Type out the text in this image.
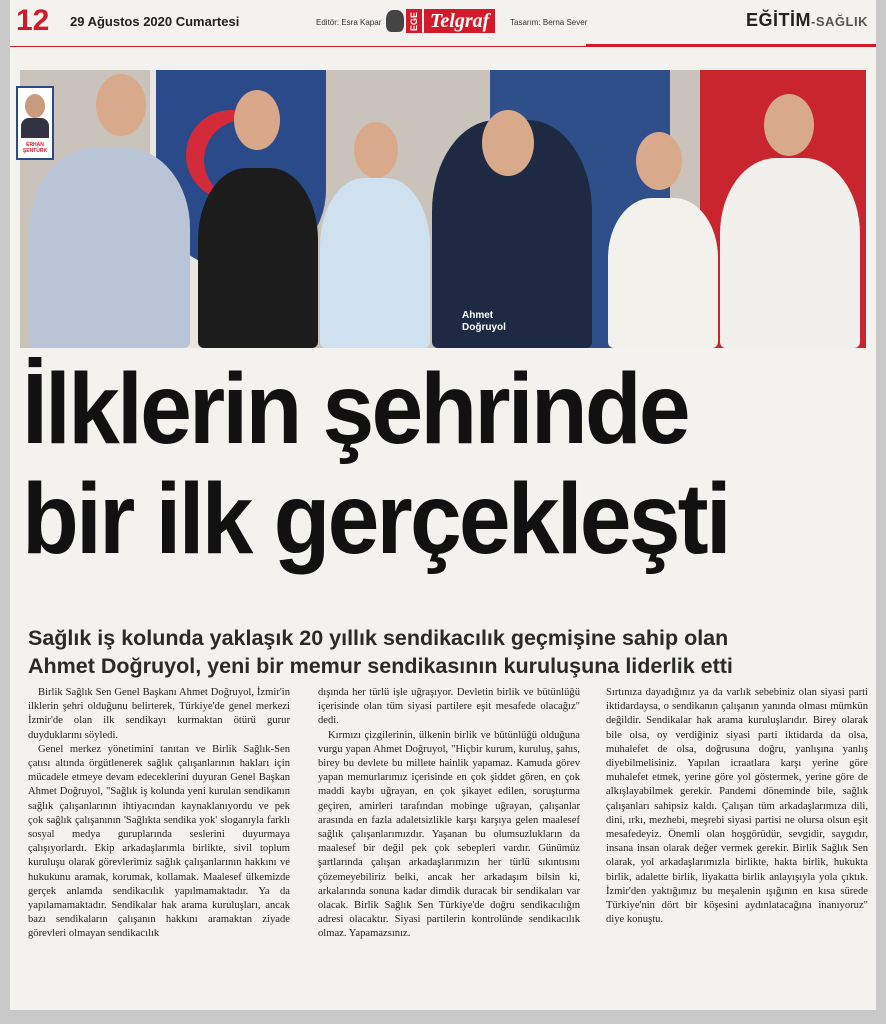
12 29 Ağustos 2020 Cumartesi	Editör: Esra Kapar	EGE Telgraf	Tasarım: Berna Sever	EĞİTİM-SAĞLIK
Ahmet
Doğruyol
ERHAN ŞENTÜRK
İlklerin şehrinde
bir ilk gerçekleşti
Sağlık iş kolunda yaklaşık 20 yıllık sendikacılık geçmişine sahip olan
Ahmet Doğruyol, yeni bir memur sendikasının kuruluşuna liderlik etti

Birlik Sağlık Sen Genel Başkanı Ahmet Doğruyol, İzmir'in ilklerin şehri olduğunu belirterek, Türkiye'de genel merkezi İzmir'de olan ilk sendikayı kurmaktan ötürü gurur duyduklarını söyledi.

Genel merkez yönetimini tanıtan ve Birlik Sağlık-Sen çatısı altında örgütlenerek sağlık çalışanlarının hakları için mücadele etmeye devam edeceklerini duyuran Genel Başkan Ahmet Doğruyol, "Sağlık iş kolunda yeni kurulan sendikanın sağlık çalışanlarının ihtiyacından kaynaklanıyordu ve pek çok sağlık çalışanının 'Sağlıkta sendika yok' sloganıyla farklı sosyal medya guruplarında seslerini duyurmaya çalışıyorlardı. Ekip arkadaşlarımla birlikte, sivil toplum kuruluşu olarak görevlerimiz sağlık çalışanlarının hakkını ve hukukunu aramak, korumak, kollamak. Maalesef ülkemizde gerçek anlamda sendikacılık yapılmamaktadır. Ya da yapılamamaktadır. Sendikalar hak arama kuruluşları, ancak bazı sendikaların çalışanın hakkını aramaktan ziyade görevleri olmayan sendikacılık

dışında her türlü işle uğraşıyor. Devletin birlik ve bütünlüğü içerisinde olan tüm siyasi partilere eşit mesafede olacağız" dedi.

Kırmızı çizgilerinin, ülkenin birlik ve bütünlüğü olduğuna vurgu yapan Ahmet Doğruyol, "Hiçbir kurum, kuruluş, şahıs, birey bu devlete bu millete hainlik yapamaz. Kamuda görev yapan memurlarımız içerisinde en çok şiddet gören, en çok maddi kaybı uğrayan, en çok şikayet edilen, soruşturma geçiren, amirleri tarafından mobinge uğrayan, çalışanlar arasında en fazla adaletsizlikle karşı karşıya gelen maalesef sağlık çalışanlarımızdır. Yaşanan bu olumsuzlukların da maalesef bir değil pek çok sebepleri vardır. Günümüz şartlarında çalışan arkadaşlarımızın her türlü sıkıntısını çözemeyebiliriz belki, ancak her arkadaşım bilsin ki, arkalarında sonuna kadar dimdik duracak bir sendikaları var olacak. Birlik Sağlık Sen Türkiye'de doğru sendikacılığın adresi olacaktır. Siyasi partilerin kontrolünde sendikacılık olmaz. Yapamazsınız.

Sırtınıza dayadığınız ya da varlık sebebiniz olan siyasi parti iktidardaysa, o sendikanın çalışanın yanında olması mümkün değildir. Sendikalar hak arama kuruluşlarıdır. Birey olarak bile olsa, oy verdiğiniz siyasi parti iktidarda da olsa, muhalefet de olsa, doğrusuna doğru, yanlışına yanlış diyebilmelisiniz. Yapılan icraatlara karşı yerine göre muhalefet etmek, yerine göre yol göstermek, yerine göre de alkışlayabilmek gerekir. Pandemi döneminde bile, sağlık çalışanları sahipsiz kaldı. Çalışan tüm arkadaşlarımıza dili, dini, ırkı, mezhebi, meşrebi siyasi partisi ne olursa olsun eşit mesafedeyiz. Önemli olan hoşgörüdür, sevgidir, saygıdır, insana insan olarak değer vermek gerekir. Birlik Sağlık Sen olarak, yol arkadaşlarımızla birlikte, hakta birlik, hukukta birlik, adalette birlik, liyakatta birlik anlayışıyla yola çıktık. İzmir'den yaktığımız bu meşalenin ışığının en kısa sürede Türkiye'nin dört bir köşesini aydınlatacağına inanıyoruz" diye konuştu.
